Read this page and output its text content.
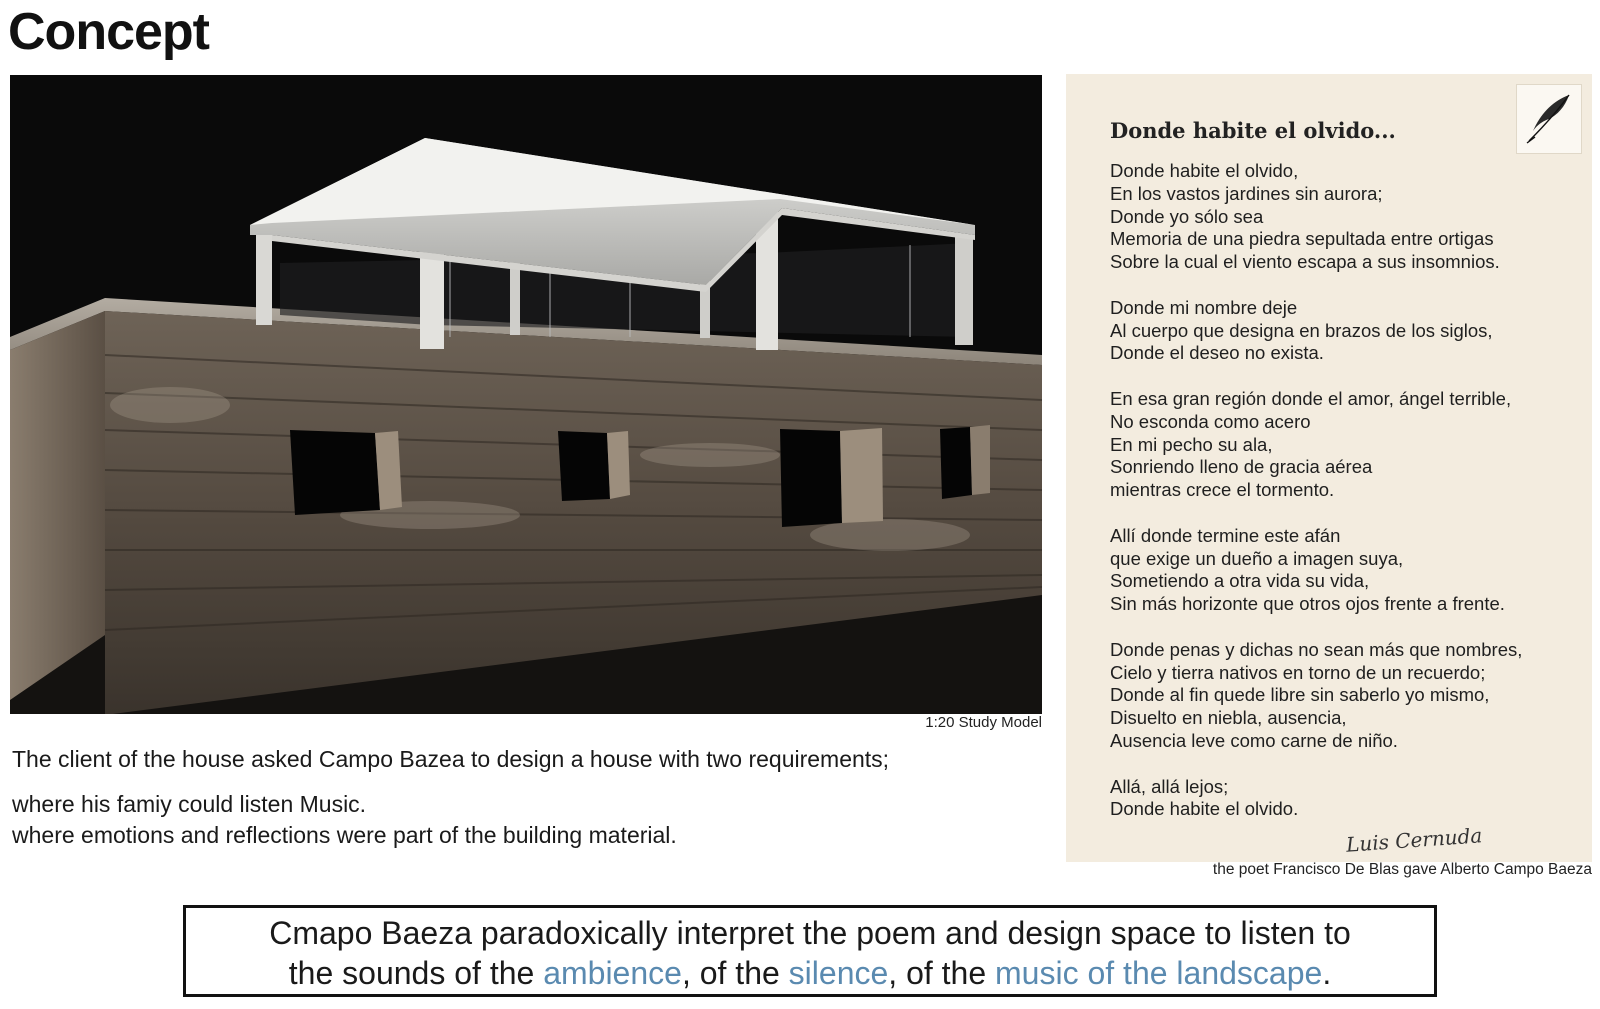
Concept
1:20 Study Model
The client of the house asked Campo Bazea to design a house with two requirements;
where his famiy could listen Music.
where emotions and reflections were part of the building material.
Donde habite el olvido...
Donde habite el olvido,
En los vastos jardines sin aurora;
Donde yo sólo sea
Memoria de una piedra sepultada entre ortigas
Sobre la cual el viento escapa a sus insomnios.
Donde mi nombre deje
Al cuerpo que designa en brazos de los siglos,
Donde el deseo no exista.
En esa gran región donde el amor, ángel terrible,
No esconda como acero
En mi pecho su ala,
Sonriendo lleno de gracia aérea
mientras crece el tormento.
Allí donde termine este afán
que exige un dueño a imagen suya,
Sometiendo a otra vida su vida,
Sin más horizonte que otros ojos frente a frente.
Donde penas y dichas no sean más que nombres,
Cielo y tierra nativos en torno de un recuerdo;
Donde al fin quede libre sin saberlo yo mismo,
Disuelto en niebla, ausencia,
Ausencia leve como carne de niño.
Allá, allá lejos;
Donde habite el olvido.
Luis Cernuda
the poet Francisco De Blas gave Alberto Campo Baeza
Cmapo Baeza paradoxically interpret the poem and design space to listen to
the sounds of the ambience, of the silence, of the music of the landscape.
